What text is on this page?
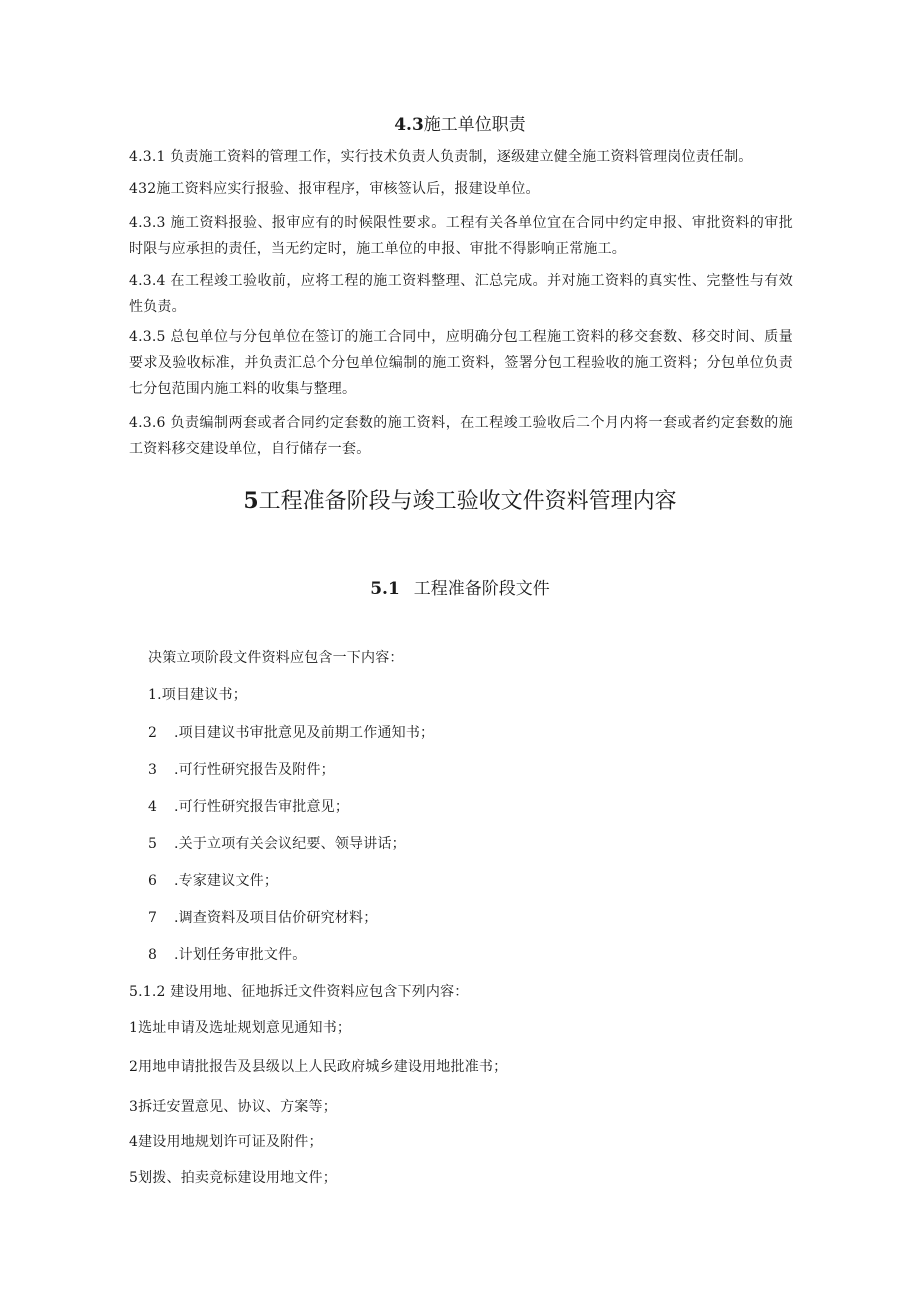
4.3施工单位职责
4.3.1 负责施工资料的管理工作，实行技术负责人负责制，逐级建立健全施工资料管理岗位责任制。
432施工资料应实行报验、报审程序，审核签认后，报建设单位。
4.3.3 施工资料报验、报审应有的时候限性要求。工程有关各单位宜在合同中约定申报、审批资料的审批时限与应承担的责任，当无约定时，施工单位的申报、审批不得影响正常施工。
4.3.4 在工程竣工验收前，应将工程的施工资料整理、汇总完成。并对施工资料的真实性、完整性与有效性负责。
4.3.5 总包单位与分包单位在签订的施工合同中，应明确分包工程施工资料的移交套数、移交时间、质量要求及验收标准，并负责汇总个分包单位编制的施工资料，签署分包工程验收的施工资料；分包单位负责七分包范围内施工料的收集与整理。
4.3.6 负责编制两套或者合同约定套数的施工资料，在工程竣工验收后二个月内将一套或者约定套数的施工资料移交建设单位，自行储存一套。
5工程准备阶段与竣工验收文件资料管理内容
5.1 工程准备阶段文件
决策立项阶段文件资料应包含一下内容：
1.项目建议书；
2 .项目建议书审批意见及前期工作通知书；
3 .可行性研究报告及附件；
4 .可行性研究报告审批意见；
5 .关于立项有关会议纪要、领导讲话；
6 .专家建议文件；
7 .调查资料及项目估价研究材料；
8 .计划任务审批文件。
5.1.2 建设用地、征地拆迁文件资料应包含下列内容：
1选址申请及选址规划意见通知书；
2用地申请批报告及县级以上人民政府城乡建设用地批准书；
3拆迁安置意见、协议、方案等；
4建设用地规划许可证及附件；
5划拨、拍卖竞标建设用地文件；
